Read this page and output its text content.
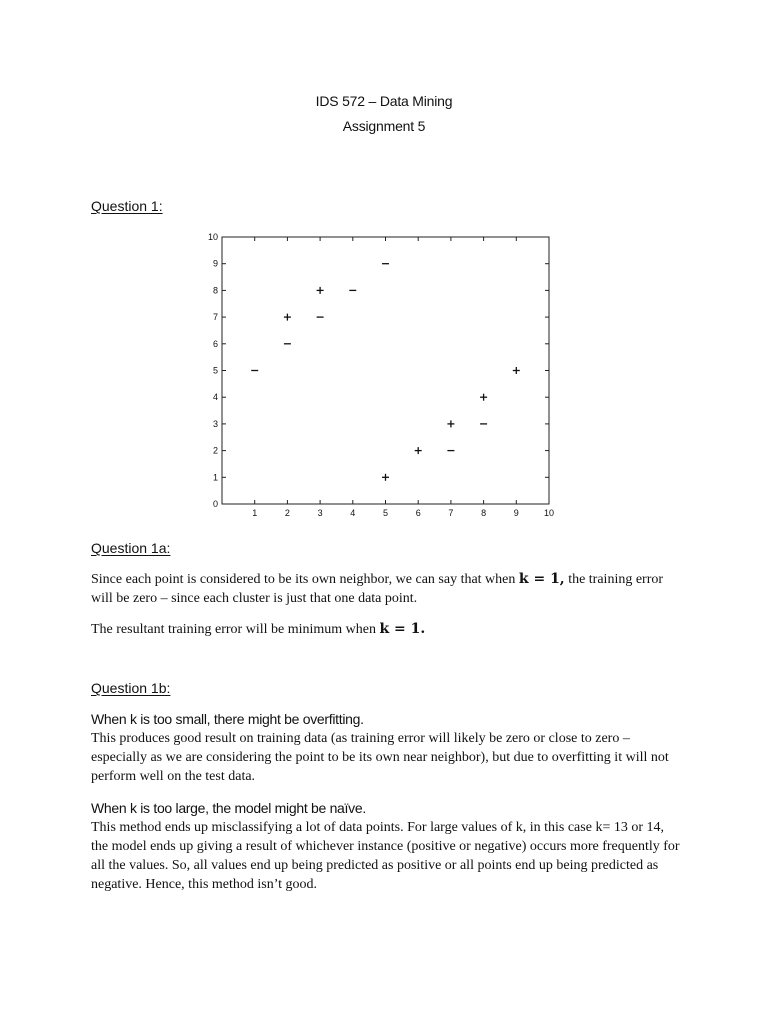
IDS 572 – Data Mining
Assignment 5
Question 1:
1	2	3	4	5	6	7	8	9	10
0
1
2
3
4
5
6
7
8
9
10
Question 1a:
Since each point is considered to be its own neighbor, we can say that when k = 1, the training error will be zero – since each cluster is just that one data point.
The resultant training error will be minimum when k = 1.
Question 1b:
When k is too small, there might be overfitting.
This produces good result on training data (as training error will likely be zero or close to zero – especially as we are considering the point to be its own near neighbor), but due to overfitting it will not perform well on the test data.
When k is too large, the model might be naïve.
This method ends up misclassifying a lot of data points. For large values of k, in this case k= 13 or 14, the model ends up giving a result of whichever instance (positive or negative) occurs more frequently for all the values. So, all values end up being predicted as positive or all points end up being predicted as negative. Hence, this method isn’t good.
